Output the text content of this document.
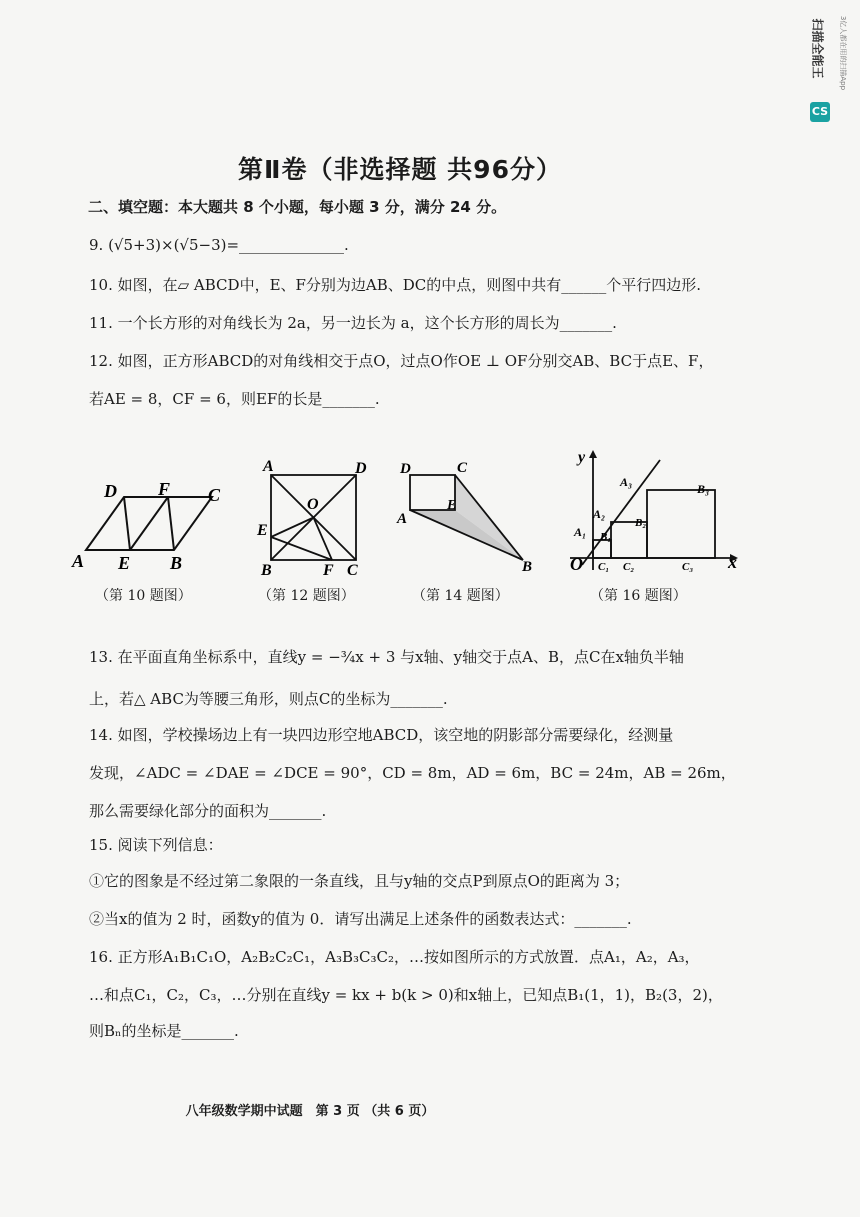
扫描全能王 3亿人都在用的扫描App
CS
第Ⅱ卷（非选择题 共96分）
二、填空题：本大题共 8 个小题，每小题 3 分，满分 24 分。
9. (√5+3)×(√5−3)=______________.
10. 如图，在▱ ABCD中，E、F分别为边AB、DC的中点，则图中共有______个平行四边形.
11. 一个长方形的对角线长为 2a，另一边长为 a，这个长方形的周长为_______.
12. 如图，正方形ABCD的对角线相交于点O，过点O作OE ⊥ OF分别交AB、BC于点E、F，
若AE = 8，CF = 6，则EF的长是_______.
D F C
A E B
（第 10 题图）
A	D
O
E
B	F C
（第 12 题图）
D	C
E
A
B
（第 14 题图）
y
x
O
A₁
A₂
A₃
B₁
B₂
B₃
C₁ C₂	C₃
（第 16 题图）
13. 在平面直角坐标系中，直线y = −¾x + 3 与x轴、y轴交于点A、B，点C在x轴负半轴
上，若△ ABC为等腰三角形，则点C的坐标为_______.
14. 如图，学校操场边上有一块四边形空地ABCD，该空地的阴影部分需要绿化，经测量
发现，∠ADC = ∠DAE = ∠DCE = 90°，CD = 8m，AD = 6m，BC = 24m，AB = 26m，
那么需要绿化部分的面积为_______.
15. 阅读下列信息：
①它的图象是不经过第二象限的一条直线，且与y轴的交点P到原点O的距离为 3；
②当x的值为 2 时，函数y的值为 0．请写出满足上述条件的函数表达式：_______.
16. 正方形A₁B₁C₁O，A₂B₂C₂C₁，A₃B₃C₃C₂，…按如图所示的方式放置．点A₁，A₂，A₃，
…和点C₁，C₂，C₃，…分别在直线y = kx + b(k > 0)和x轴上，已知点B₁(1，1)，B₂(3，2)，
则Bₙ的坐标是_______.
八年级数学期中试题　第 3 页 （共 6 页）
